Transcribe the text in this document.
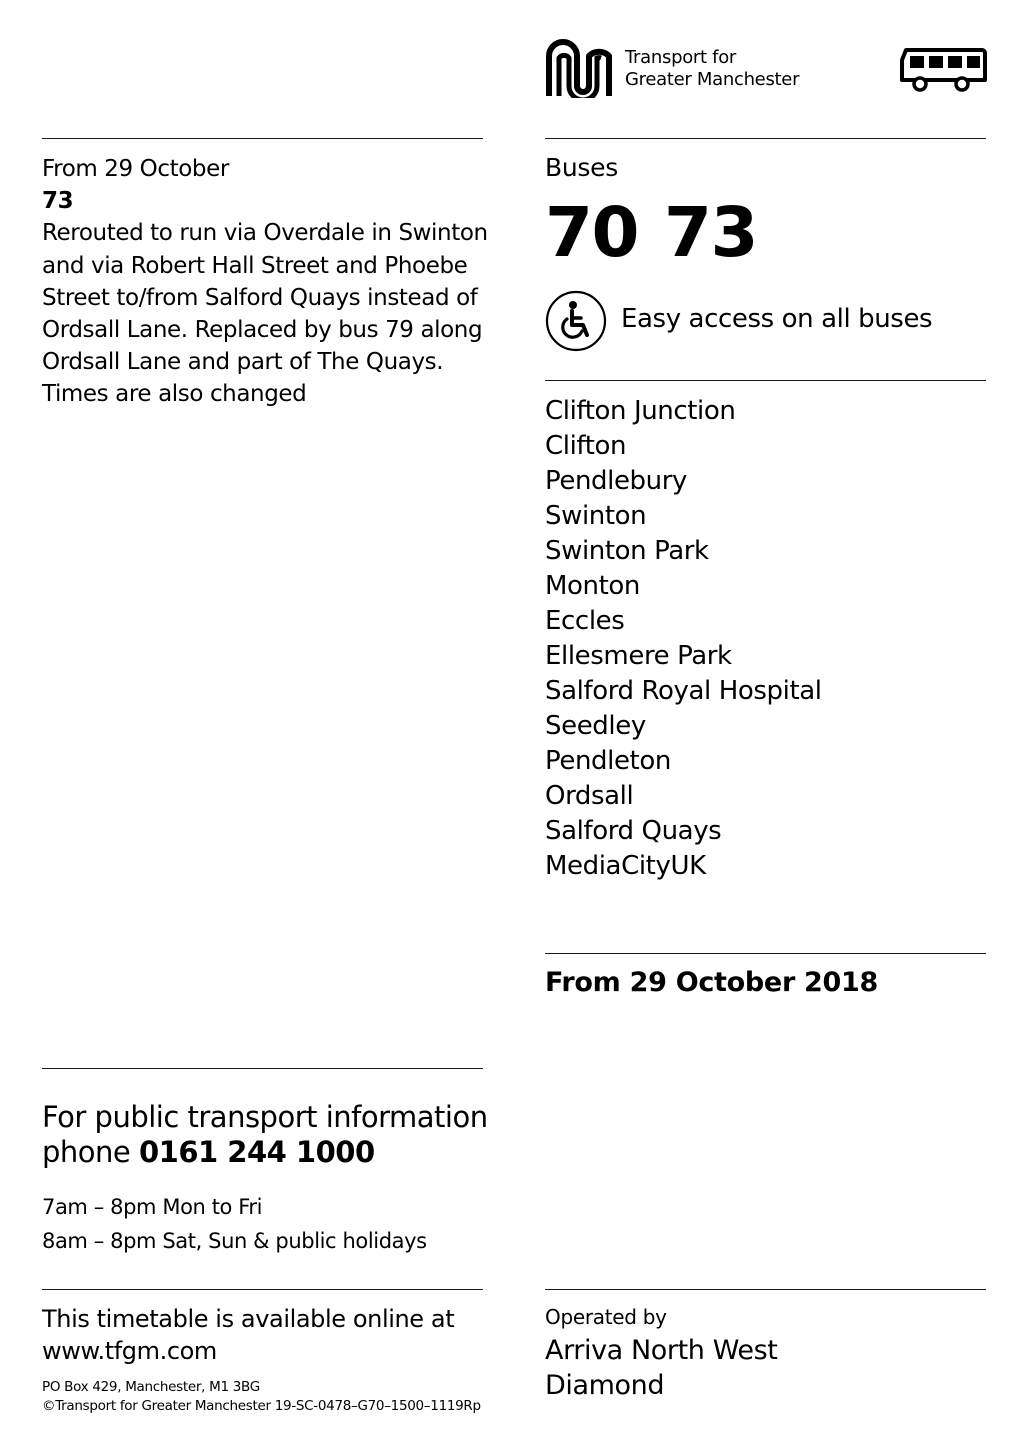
Transport for
Greater Manchester
From 29 October
73
Rerouted to run via Overdale in Swinton and via Robert Hall Street and Phoebe Street to/from Salford Quays instead of Ordsall Lane. Replaced by bus 79 along Ordsall Lane and part of The Quays. Times are also changed
Buses
70 73
Easy access on all buses
Clifton Junction
Clifton
Pendlebury
Swinton
Swinton Park
Monton
Eccles
Ellesmere Park
Salford Royal Hospital
Seedley
Pendleton
Ordsall
Salford Quays
MediaCityUK
From 29 October 2018
For public transport information
phone 0161 244 1000
7am – 8pm Mon to Fri
8am – 8pm Sat, Sun & public holidays
This timetable is available online at
www.tfgm.com
PO Box 429, Manchester, M1 3BG
©Transport for Greater Manchester 19-SC-0478–G70–1500–1119Rp
Operated by
Arriva North West
Diamond
